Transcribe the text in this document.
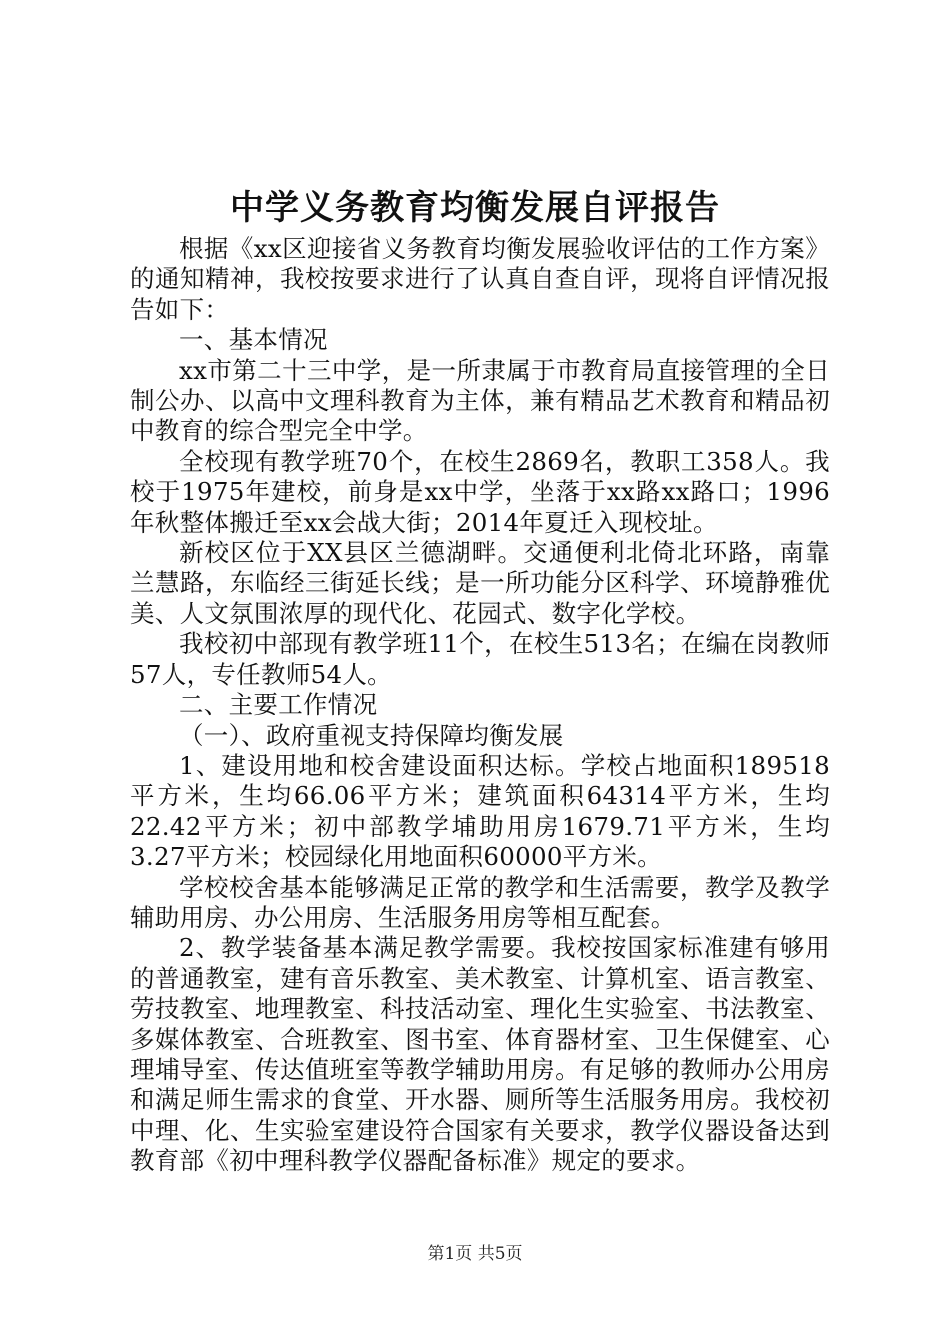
中学义务教育均衡发展自评报告

根据《xx区迎接省义务教育均衡发展验收评估的工作方案》的通知精神，我校按要求进行了认真自查自评，现将自评情况报告如下：

一、基本情况

xx市第二十三中学，是一所隶属于市教育局直接管理的全日制公办、以高中文理科教育为主体，兼有精品艺术教育和精品初中教育的综合型完全中学。

全校现有教学班70个，在校生2869名，教职工358人。我校于1975年建校，前身是xx中学，坐落于xx路xx路口；1996年秋整体搬迁至xx会战大街；2014年夏迁入现校址。

新校区位于XX县区兰德湖畔。交通便利北倚北环路，南靠兰慧路，东临经三街延长线；是一所功能分区科学、环境静雅优美、人文氛围浓厚的现代化、花园式、数字化学校。

我校初中部现有教学班11个，在校生513名；在编在岗教师57人，专任教师54人。

二、主要工作情况

（一）、政府重视支持保障均衡发展

1、建设用地和校舍建设面积达标。学校占地面积189518平方米，生均66.06平方米；建筑面积64314平方米，生均22.42平方米；初中部教学埔助用房1679.71平方米，生均3.27平方米；校园绿化用地面积60000平方米。

学校校舍基本能够满足正常的教学和生活需要，教学及教学辅助用房、办公用房、生活服务用房等相互配套。

2、教学装备基本满足教学需要。我校按国家标准建有够用的普通教室，建有音乐教室、美术教室、计算机室、语言教室、劳技教室、地理教室、科技活动室、理化生实验室、书法教室、多媒体教室、合班教室、图书室、体育器材室、卫生保健室、心理埔导室、传达值班室等教学辅助用房。有足够的教师办公用房和满足师生需求的食堂、开水器、厕所等生活服务用房。我校初中理、化、生实验室建设符合国家有关要求，教学仪器设备达到教育部《初中理科教学仪器配备标准》规定的要求。

第1页 共5页
